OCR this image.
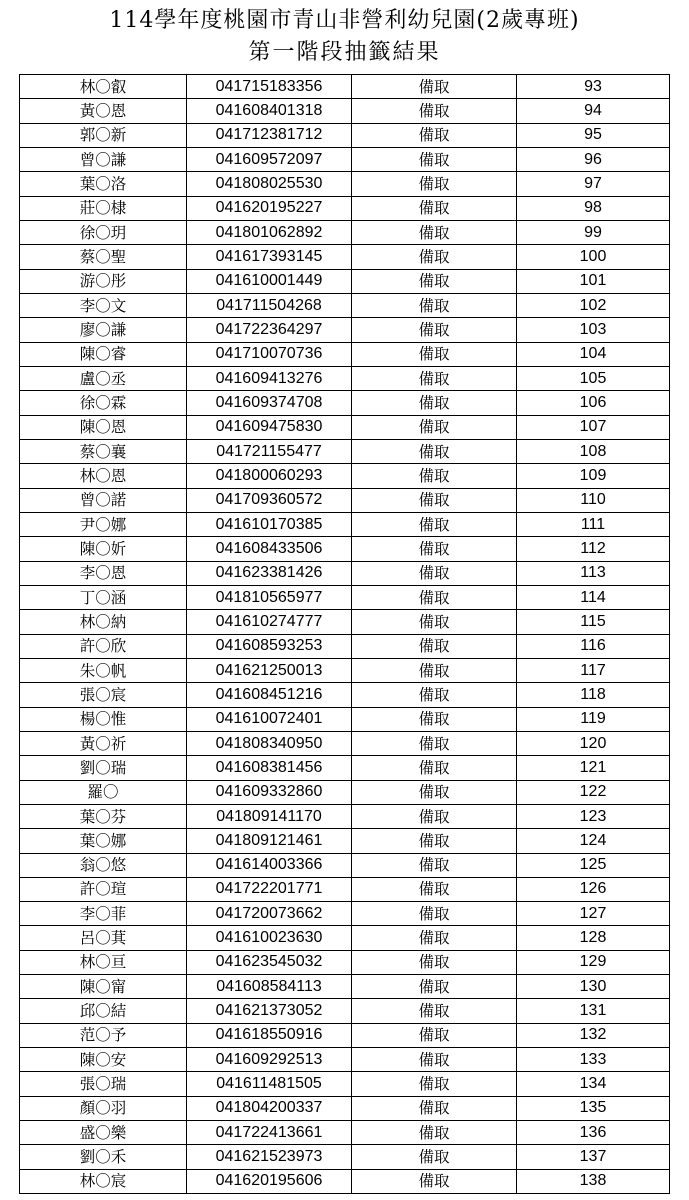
114學年度桃園市青山非營利幼兒園(2歲專班)
第一階段抽籤結果
林〇叡	041715183356	備取	93
黃〇恩	041608401318	備取	94
郭〇新	041712381712	備取	95
曾〇謙	041609572097	備取	96
葉〇洛	041808025530	備取	97
莊〇棣	041620195227	備取	98
徐〇玥	041801062892	備取	99
蔡〇聖	041617393145	備取	100
游〇彤	041610001449	備取	101
李〇文	041711504268	備取	102
廖〇謙	041722364297	備取	103
陳〇睿	041710070736	備取	104
盧〇丞	041609413276	備取	105
徐〇霖	041609374708	備取	106
陳〇恩	041609475830	備取	107
蔡〇襄	041721155477	備取	108
林〇恩	041800060293	備取	109
曾〇諾	041709360572	備取	110
尹〇娜	041610170385	備取	111
陳〇妡	041608433506	備取	112
李〇恩	041623381426	備取	113
丁〇涵	041810565977	備取	114
林〇納	041610274777	備取	115
許〇欣	041608593253	備取	116
朱〇帆	041621250013	備取	117
張〇宸	041608451216	備取	118
楊〇惟	041610072401	備取	119
黃〇祈	041808340950	備取	120
劉〇瑞	041608381456	備取	121
羅〇	041609332860	備取	122
葉〇芬	041809141170	備取	123
葉〇娜	041809121461	備取	124
翁〇悠	041614003366	備取	125
許〇瑄	041722201771	備取	126
李〇菲	041720073662	備取	127
呂〇萁	041610023630	備取	128
林〇亘	041623545032	備取	129
陳〇甯	041608584113	備取	130
邱〇結	041621373052	備取	131
范〇予	041618550916	備取	132
陳〇安	041609292513	備取	133
張〇瑞	041611481505	備取	134
顏〇羽	041804200337	備取	135
盛〇樂	041722413661	備取	136
劉〇禾	041621523973	備取	137
林〇宸	041620195606	備取	138
